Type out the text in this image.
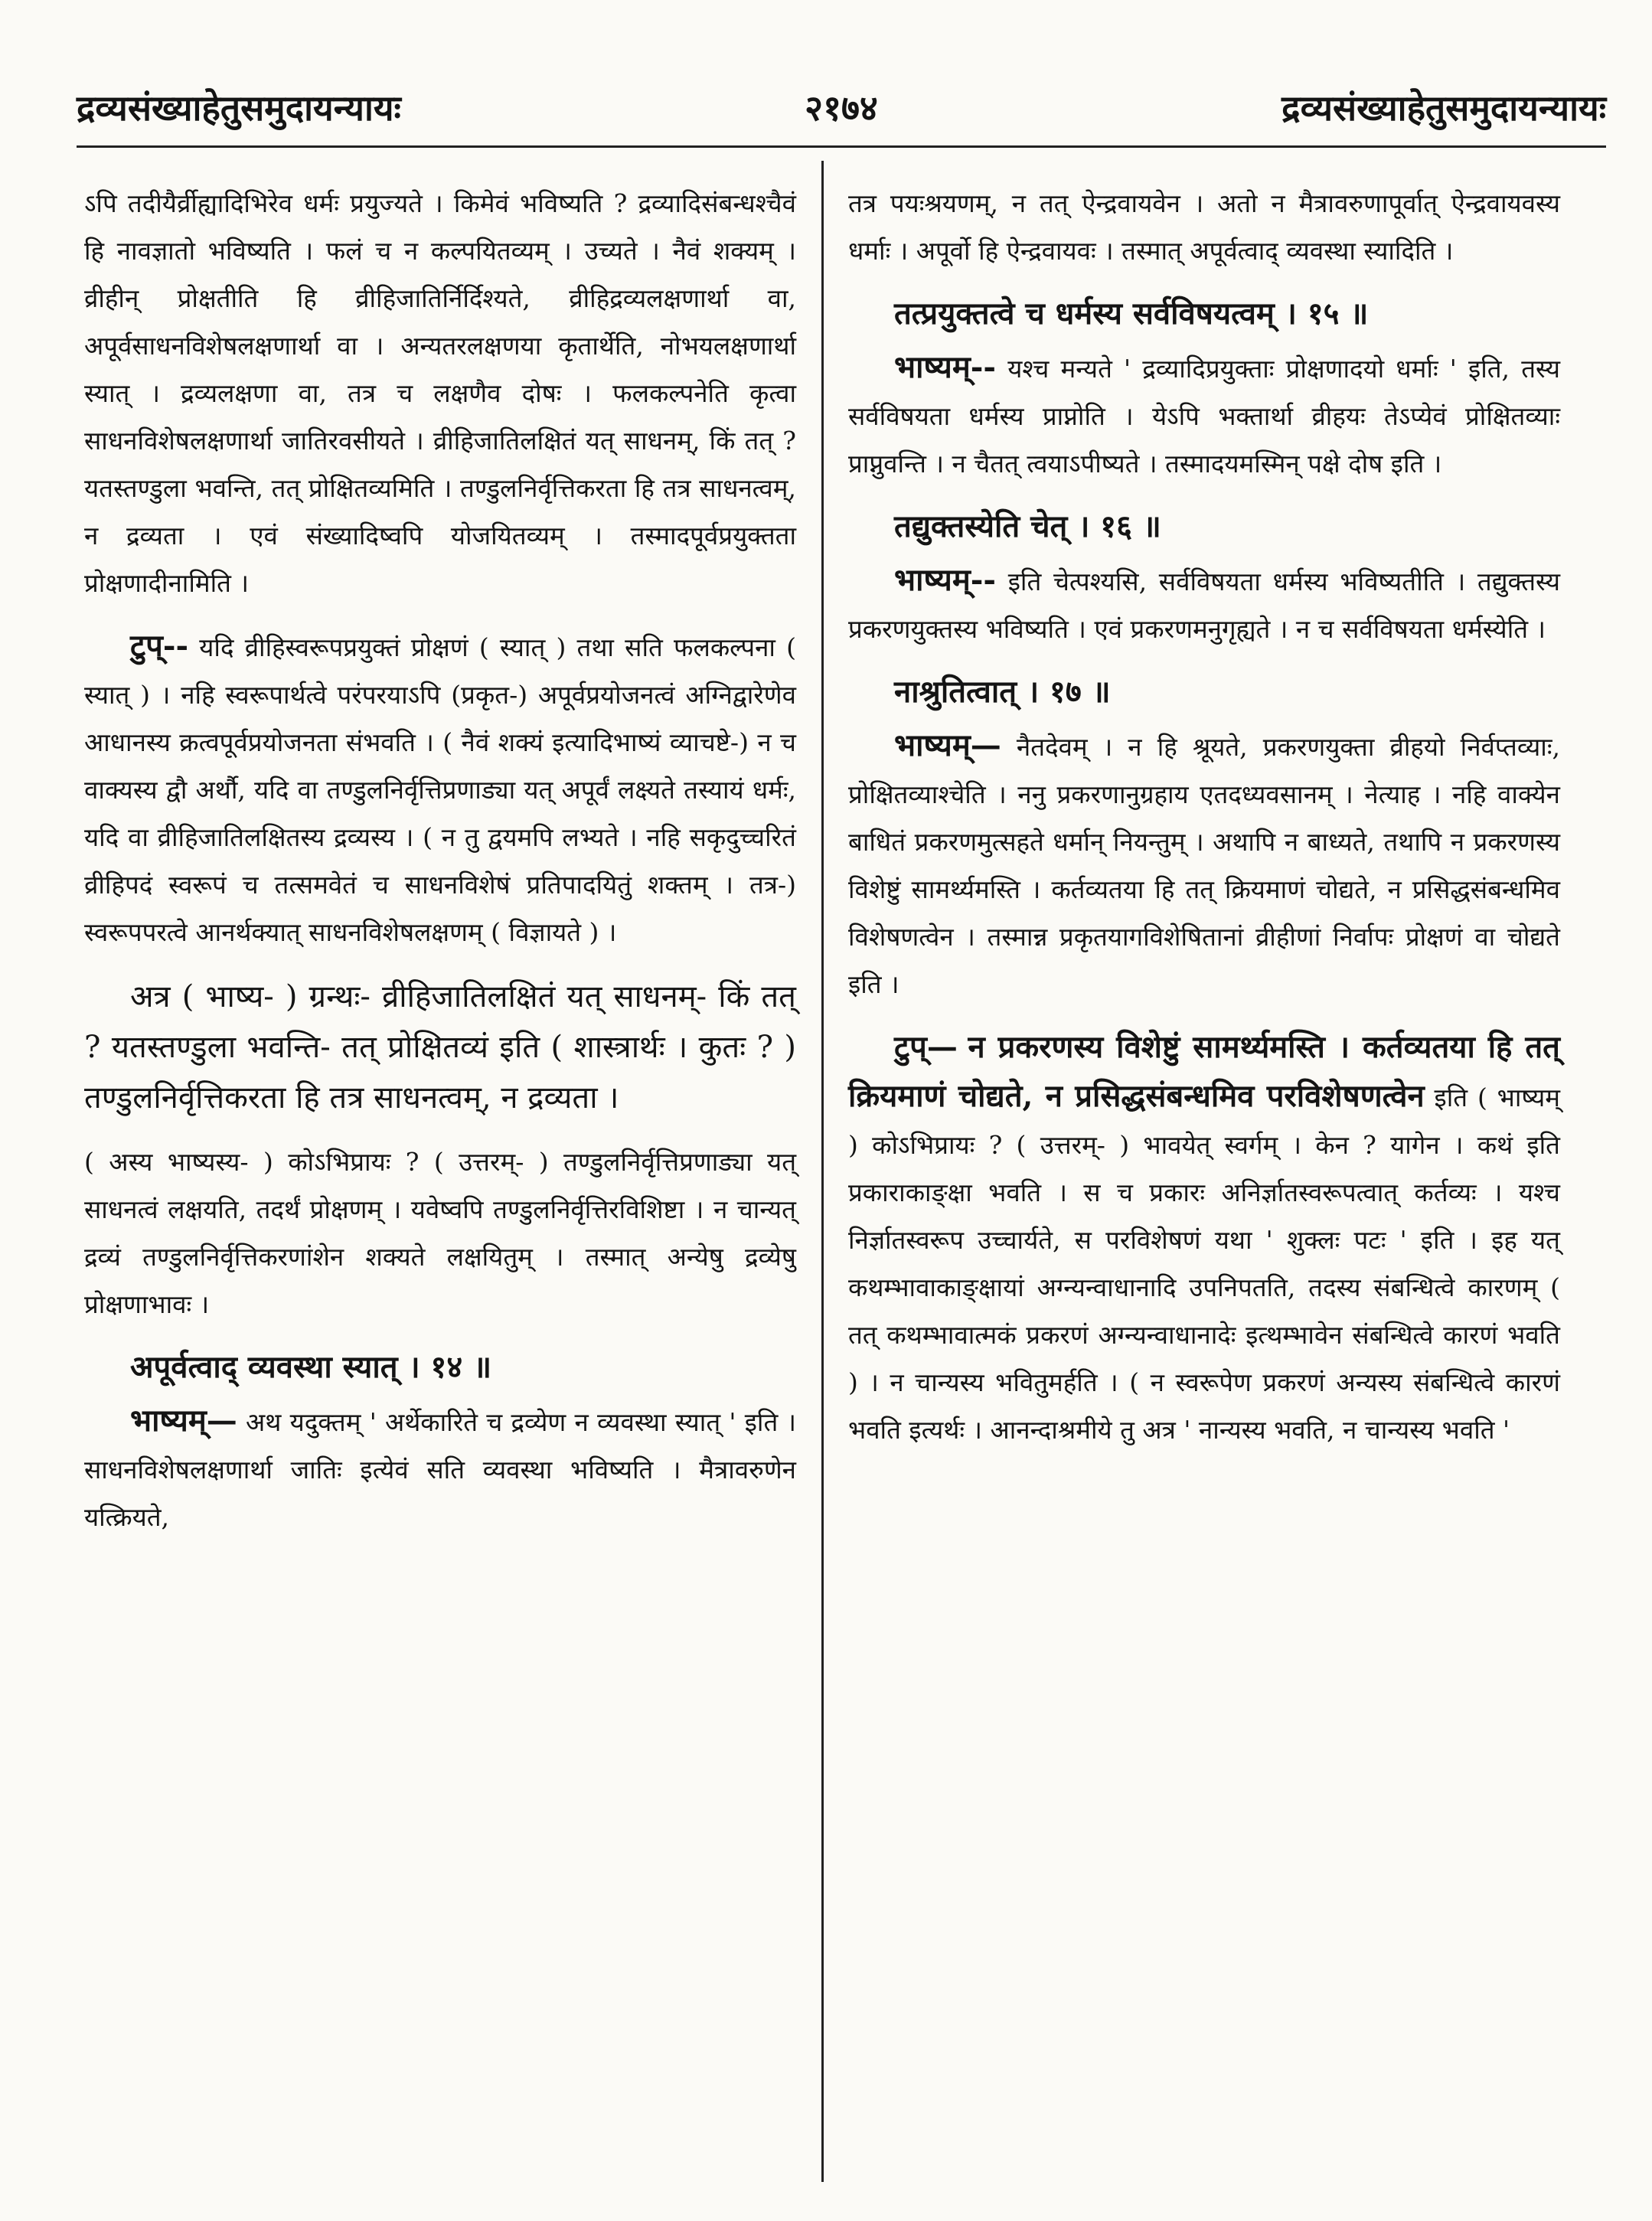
द्रव्यसंख्याहेतुसमुदायन्यायः	२१७४	द्रव्यसंख्याहेतुसमुदायन्यायः

ऽपि तदीयैर्व्रीह्यादिभिरेव धर्मः प्रयुज्यते । किमेवं भविष्यति ? द्रव्यादिसंबन्धश्चैवं हि नावज्ञातो भविष्यति । फलं च न कल्पयितव्यम् । उच्यते । नैवं शक्यम् । व्रीहीन् प्रोक्षतीति हि व्रीहिजातिर्निर्दिश्यते, व्रीहिद्रव्यलक्षणार्था वा, अपूर्वसाधनविशेषलक्षणार्था वा । अन्यतरलक्षणया कृतार्थेति, नोभयलक्षणार्था स्यात् । द्रव्यलक्षणा वा, तत्र च लक्षणैव दोषः । फलकल्पनेति कृत्वा साधनविशेषलक्षणार्था जातिरवसीयते । व्रीहिजातिलक्षितं यत् साधनम्, किं तत् ? यतस्तण्डुला भवन्ति, तत् प्रोक्षितव्यमिति । तण्डुलनिर्वृत्तिकरता हि तत्र साधनत्वम्, न द्रव्यता । एवं संख्यादिष्वपि योजयितव्यम् । तस्मादपूर्वप्रयुक्तता प्रोक्षणादीनामिति ।

टुप्-- यदि व्रीहिस्वरूपप्रयुक्तं प्रोक्षणं ( स्यात् ) तथा सति फलकल्पना ( स्यात् ) । नहि स्वरूपार्थत्वे परंपरयाऽपि (प्रकृत-) अपूर्वप्रयोजनत्वं अग्निद्वारेणेव आधानस्य क्रत्वपूर्वप्रयोजनता संभवति । ( नैवं शक्यं इत्यादिभाष्यं व्याचष्टे-) न च वाक्यस्य द्वौ अर्थौ, यदि वा तण्डुलनिर्वृत्तिप्रणाड्या यत् अपूर्वं लक्ष्यते तस्यायं धर्मः, यदि वा व्रीहिजातिलक्षितस्य द्रव्यस्य । ( न तु द्वयमपि लभ्यते । नहि सकृदुच्चरितं व्रीहिपदं स्वरूपं च तत्समवेतं च साधनविशेषं प्रतिपादयितुं शक्तम् । तत्र-) स्वरूपपरत्वे आनर्थक्यात् साधनविशेषलक्षणम् ( विज्ञायते ) ।

अत्र ( भाष्य- ) ग्रन्थः- व्रीहिजातिलक्षितं यत् साधनम्- किं तत् ? यतस्तण्डुला भवन्ति- तत् प्रोक्षितव्यं इति ( शास्त्रार्थः । कुतः ? ) तण्डुलनिर्वृत्तिकरता हि तत्र साधनत्वम्, न द्रव्यता ।

( अस्य भाष्यस्य- ) कोऽभिप्रायः ? ( उत्तरम्- ) तण्डुलनिर्वृत्तिप्रणाड्या यत् साधनत्वं लक्षयति, तदर्थं प्रोक्षणम् । यवेष्वपि तण्डुलनिर्वृत्तिरविशिष्टा । न चान्यत् द्रव्यं तण्डुलनिर्वृत्तिकरणांशेन शक्यते लक्षयितुम् । तस्मात् अन्येषु द्रव्येषु प्रोक्षणाभावः ।

अपूर्वत्वाद् व्यवस्था स्यात् । १४ ॥

भाष्यम्— अथ यदुक्तम् ' अर्थेकारिते च द्रव्येण न व्यवस्था स्यात् ' इति । साधनविशेषलक्षणार्था जातिः इत्येवं सति व्यवस्था भविष्यति । मैत्रावरुणेन यत्क्रियते,

तत्र पयःश्रयणम्, न तत् ऐन्द्रवायवेन । अतो न मैत्रावरुणापूर्वात् ऐन्द्रवायवस्य धर्माः । अपूर्वो हि ऐन्द्रवायवः । तस्मात् अपूर्वत्वाद् व्यवस्था स्यादिति ।

तत्प्रयुक्तत्वे च धर्मस्य सर्वविषयत्वम् । १५ ॥

भाष्यम्-- यश्च मन्यते ' द्रव्यादिप्रयुक्ताः प्रोक्षणादयो धर्माः ' इति, तस्य सर्वविषयता धर्मस्य प्राप्नोति । येऽपि भक्तार्था व्रीहयः तेऽप्येवं प्रोक्षितव्याः प्राप्नुवन्ति । न चैतत् त्वयाऽपीष्यते । तस्मादयमस्मिन् पक्षे दोष इति ।

तद्युक्तस्येति चेत् । १६ ॥

भाष्यम्-- इति चेत्पश्यसि, सर्वविषयता धर्मस्य भविष्यतीति । तद्युक्तस्य प्रकरणयुक्तस्य भविष्यति । एवं प्रकरणमनुगृह्यते । न च सर्वविषयता धर्मस्येति ।

नाश्रुतित्वात् । १७ ॥

भाष्यम्— नैतदेवम् । न हि श्रूयते, प्रकरणयुक्ता व्रीहयो निर्वप्तव्याः, प्रोक्षितव्याश्चेति । ननु प्रकरणानुग्रहाय एतदध्यवसानम् । नेत्याह । नहि वाक्येन बाधितं प्रकरणमुत्सहते धर्मान् नियन्तुम् । अथापि न बाध्यते, तथापि न प्रकरणस्य विशेष्टुं सामर्थ्यमस्ति । कर्तव्यतया हि तत् क्रियमाणं चोद्यते, न प्रसिद्धसंबन्धमिव विशेषणत्वेन । तस्मान्न प्रकृतयागविशेषितानां व्रीहीणां निर्वापः प्रोक्षणं वा चोद्यते इति ।

टुप्— न प्रकरणस्य विशेष्टुं सामर्थ्यमस्ति । कर्तव्यतया हि तत् क्रियमाणं चोद्यते, न प्रसिद्धसंबन्धमिव परविशेषणत्वेन इति ( भाष्यम् ) कोऽभिप्रायः ? ( उत्तरम्- ) भावयेत् स्वर्गम् । केन ? यागेन । कथं इति प्रकाराकाङ्क्षा भवति । स च प्रकारः अनिर्ज्ञातस्वरूपत्वात् कर्तव्यः । यश्च निर्ज्ञातस्वरूप उच्चार्यते, स परविशेषणं यथा ' शुक्लः पटः ' इति । इह यत् कथम्भावाकाङ्क्षायां अग्न्यन्वाधानादि उपनिपतति, तदस्य संबन्धित्वे कारणम् ( तत् कथम्भावात्मकं प्रकरणं अग्न्यन्वाधानादेः इत्थम्भावेन संबन्धित्वे कारणं भवति ) । न चान्यस्य भवितुमर्हति । ( न स्वरूपेण प्रकरणं अन्यस्य संबन्धित्वे कारणं भवति इत्यर्थः । आनन्दाश्रमीये तु अत्र ' नान्यस्य भवति, न चान्यस्य भवति '
